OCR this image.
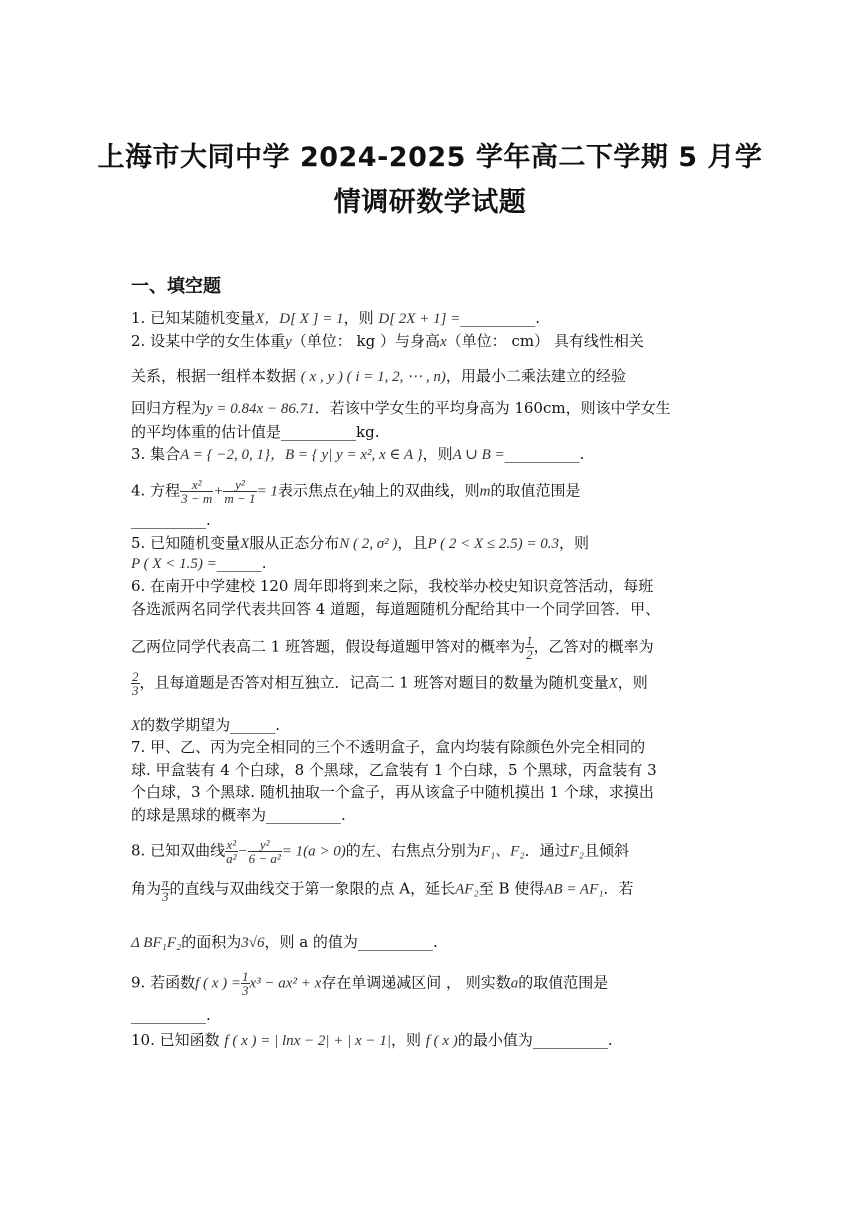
上海市大同中学 2024-2025 学年高二下学期 5 月学
情调研数学试题
一、填空题
1. 已知某随机变量X，D[ X ] = 1，则 D[ 2X + 1] =__________.
2. 设某中学的女生体重y（单位： kg ）与身高x（单位： cm） 具有线性相关
关系，根据一组样本数据 ( x , y ) ( i = 1, 2, ⋯ , n)，用最小二乘法建立的经验
回归方程为y = 0.84x − 86.71．若该中学女生的平均身高为 160cm，则该中学女生
的平均体重的估计值是__________kg.
3. 集合A = { −2, 0, 1}，B = { y| y = x², x ∈ A }，则A ∪ B =__________.
4. 方程 $\frac{\text{x²}}{3 - m} + \frac{\text{y²}}{m - 1} = 1$表示焦点在y轴上的双曲线，则m的取值范围是
__________.
5. 已知随机变量X服从正态分布N ( 2, σ² )，且P ( 2 < X ≤ 2.5) = 0.3，则
P ( X < 1.5) =______.
6. 在南开中学建校 120 周年即将到来之际，我校举办校史知识竞答活动，每班
各选派两名同学代表共回答 4 道题，每道题随机分配给其中一个同学回答．甲、
乙两位同学代表高二 1 班答题，假设每道题甲答对的概率为 $\frac{1}{2}$ ，乙答对的概率为
$\frac{2}{3}$ ，且每道题是否答对相互独立．记高二 1 班答对题目的数量为随机变量X，则
X的数学期望为______.
7. 甲、乙、丙为完全相同的三个不透明盒子，盒内均装有除颜色外完全相同的
球. 甲盒装有 4 个白球，8 个黑球，乙盒装有 1 个白球，5 个黑球，丙盒装有 3
个白球，3 个黑球. 随机抽取一个盒子，再从该盒子中随机摸出 1 个球，求摸出
的球是黑球的概率为__________.
8. 已知双曲线 $\frac{\text{x²}}{\text{a²}} - \frac{\text{y²}}{\text{6 − a²}} = 1(a > 0)$的左、右焦点分别为F₁、F₂．通过F₂且倾斜
角为 $\frac{\pi}{3}$ 的直线与双曲线交于第一象限的点 A，延长AF₂至 B 使得AB = AF₁．若
Δ BF₁F₂的面积为3√6，则 a 的值为__________.
9. 若函数f ( x ) = $\frac{1}{3} x^3 - ax^2 + x$存在单调递减区间 ， 则实数a的取值范围是
__________.
10. 已知函数 f ( x ) = | lnx − 2| + | x − 1|，则 f ( x )的最小值为__________.
